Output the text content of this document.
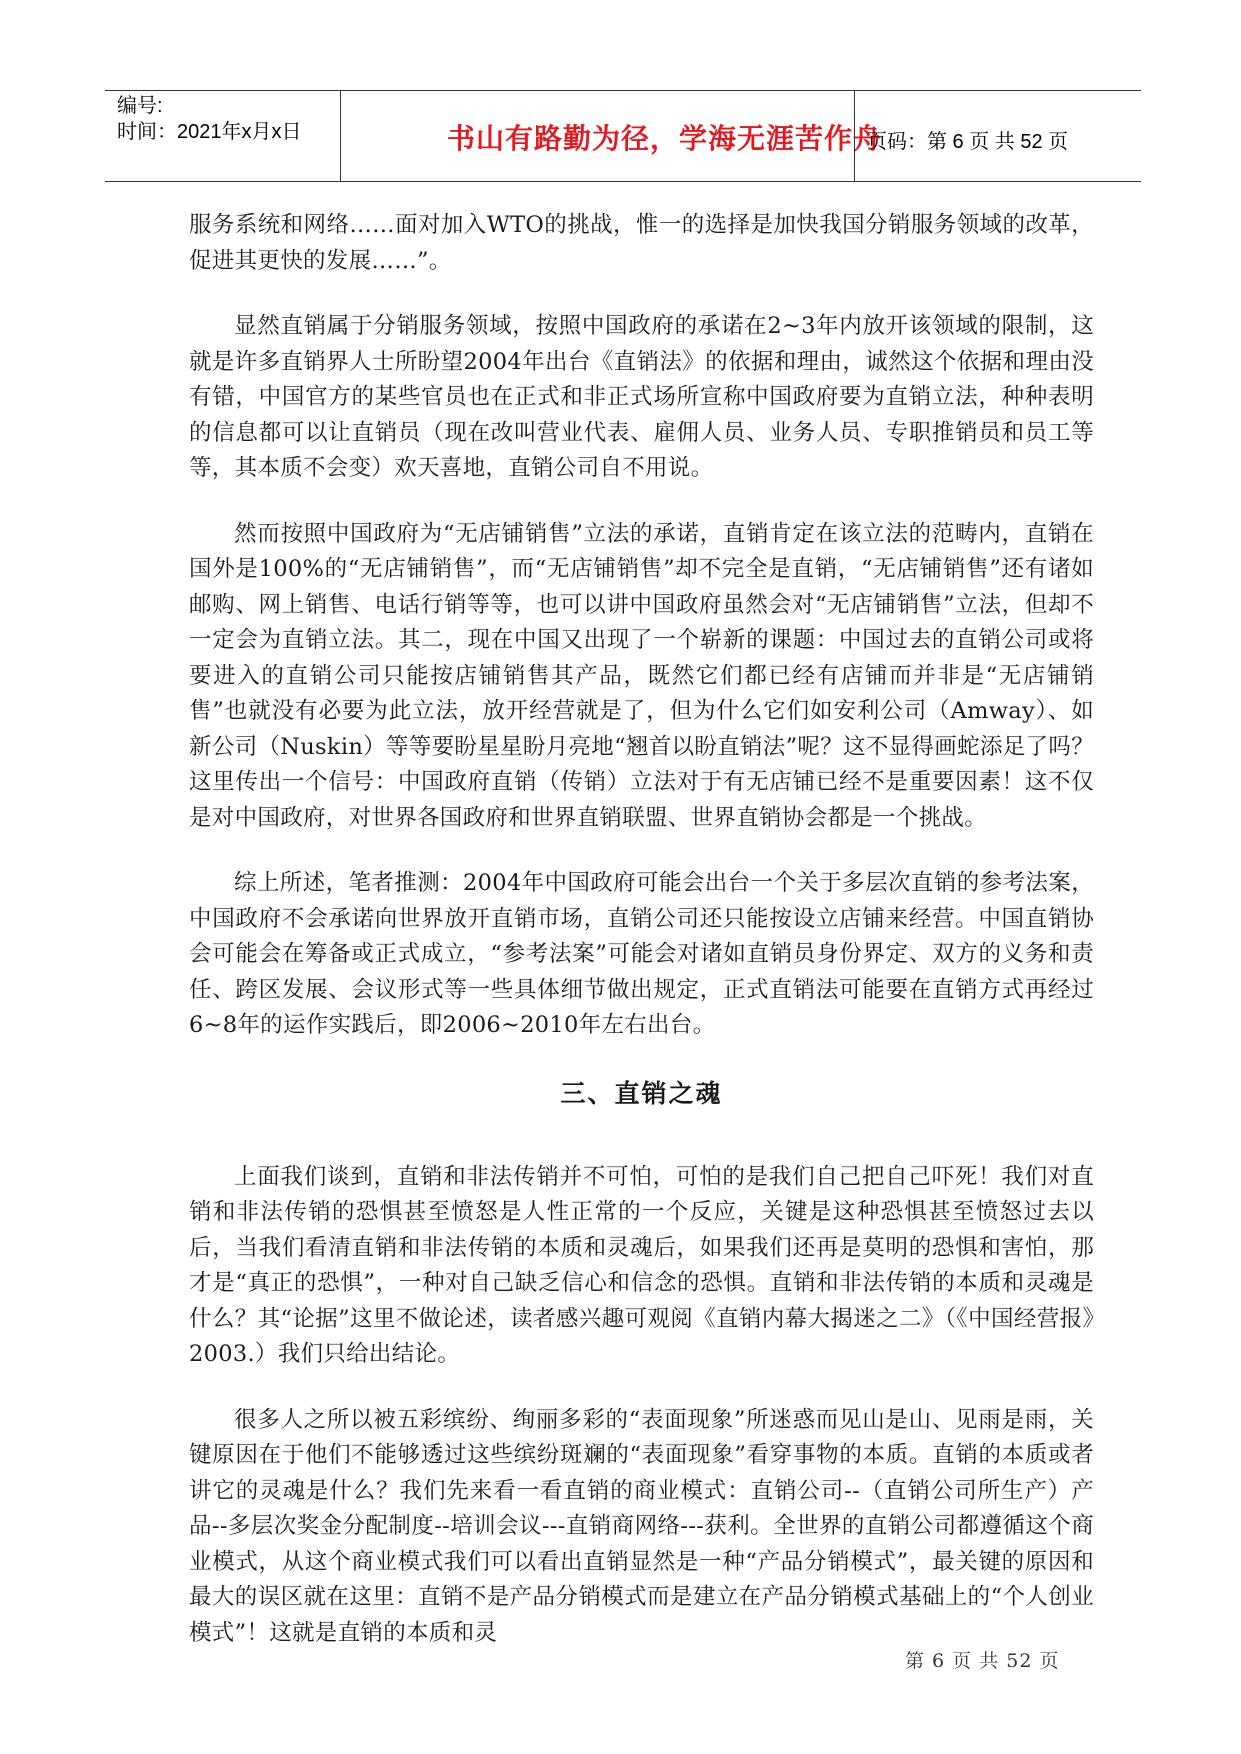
编号:
时间：2021年x月x日	书山有路勤为径，学海无涯苦作舟
页码：第 6 页 共 52 页

服务系统和网络……面对加入WTO的挑战，惟一的选择是加快我国分销服务领域的改革，促进其更快的发展……”。

显然直销属于分销服务领域，按照中国政府的承诺在2~3年内放开该领域的限制，这就是许多直销界人士所盼望2004年出台《直销法》的依据和理由，诚然这个依据和理由没有错，中国官方的某些官员也在正式和非正式场所宣称中国政府要为直销立法，种种表明的信息都可以让直销员（现在改叫营业代表、雇佣人员、业务人员、专职推销员和员工等等，其本质不会变）欢天喜地，直销公司自不用说。

然而按照中国政府为“无店铺销售”立法的承诺，直销肯定在该立法的范畴内，直销在国外是100%的“无店铺销售”，而“无店铺销售”却不完全是直销，“无店铺销售”还有诸如邮购、网上销售、电话行销等等，也可以讲中国政府虽然会对“无店铺销售”立法，但却不一定会为直销立法。其二，现在中国又出现了一个崭新的课题：中国过去的直销公司或将要进入的直销公司只能按店铺销售其产品，既然它们都已经有店铺而并非是“无店铺销售”也就没有必要为此立法，放开经营就是了，但为什么它们如安利公司（Amway）、如新公司（Nuskin）等等要盼星星盼月亮地“翘首以盼直销法”呢？这不显得画蛇添足了吗？这里传出一个信号：中国政府直销（传销）立法对于有无店铺已经不是重要因素！这不仅是对中国政府，对世界各国政府和世界直销联盟、世界直销协会都是一个挑战。

综上所述，笔者推测：2004年中国政府可能会出台一个关于多层次直销的参考法案，中国政府不会承诺向世界放开直销市场，直销公司还只能按设立店铺来经营。中国直销协会可能会在筹备或正式成立，“参考法案”可能会对诸如直销员身份界定、双方的义务和责任、跨区发展、会议形式等一些具体细节做出规定，正式直销法可能要在直销方式再经过6~8年的运作实践后，即2006~2010年左右出台。

三、直销之魂

上面我们谈到，直销和非法传销并不可怕，可怕的是我们自己把自己吓死！我们对直销和非法传销的恐惧甚至愤怒是人性正常的一个反应，关键是这种恐惧甚至愤怒过去以后，当我们看清直销和非法传销的本质和灵魂后，如果我们还再是莫明的恐惧和害怕，那才是“真正的恐惧”，一种对自己缺乏信心和信念的恐惧。直销和非法传销的本质和灵魂是什么？其“论据”这里不做论述，读者感兴趣可观阅《直销内幕大揭迷之二》（《中国经营报》2003.）我们只给出结论。

很多人之所以被五彩缤纷、绚丽多彩的“表面现象”所迷惑而见山是山、见雨是雨，关键原因在于他们不能够透过这些缤纷斑斓的“表面现象”看穿事物的本质。直销的本质或者讲它的灵魂是什么？我们先来看一看直销的商业模式：直销公司--（直销公司所生产）产品--多层次奖金分配制度--培训会议---直销商网络---获利。全世界的直销公司都遵循这个商业模式，从这个商业模式我们可以看出直销显然是一种“产品分销模式”，最关键的原因和最大的误区就在这里：直销不是产品分销模式而是建立在产品分销模式基础上的“个人创业模式”！这就是直销的本质和灵

第 6 页 共 52 页
